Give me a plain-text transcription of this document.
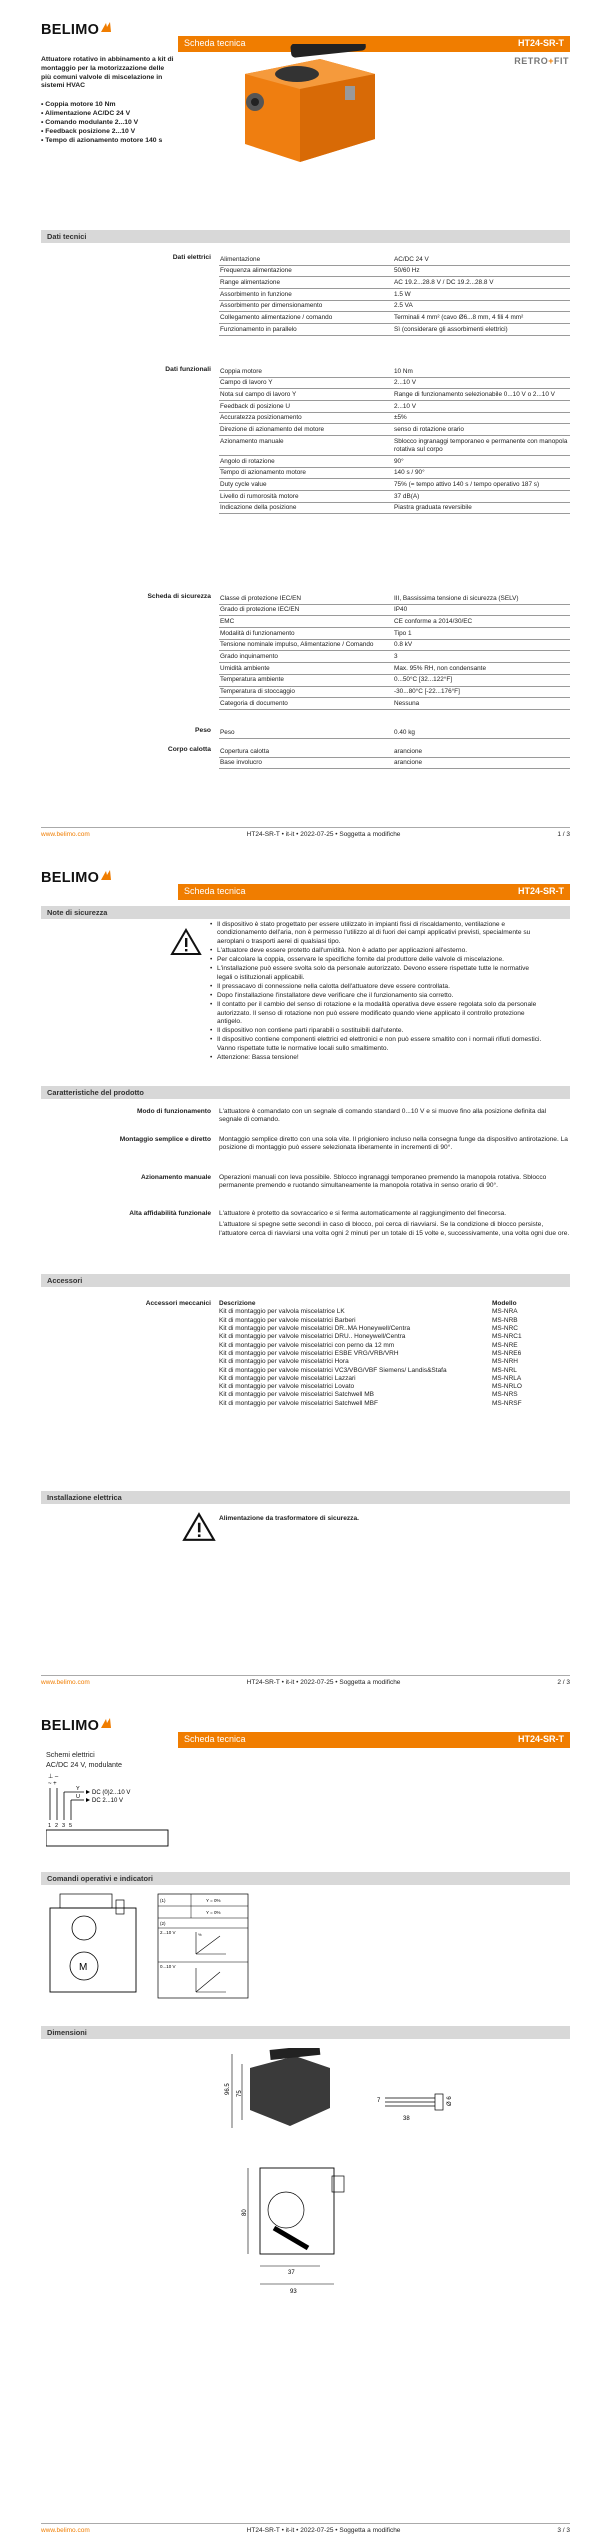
BELIMO
Scheda tecnica	HT24-SR-T
RETRO+FIT
Attuatore rotativo in abbinamento a kit di montaggio per la motorizzazione delle più comuni valvole di miscelazione in sistemi HVAC
• Coppia motore 10 Nm
• Alimentazione AC/DC 24 V
• Comando modulante 2...10 V
• Feedback posizione 2...10 V
• Tempo di azionamento motore 140 s
Dati tecnici
Dati elettrici Alimentazione	AC/DC 24 V
Frequenza alimentazione	50/60 Hz
Range alimentazione	AC 19.2...28.8 V / DC 19.2...28.8 V
Assorbimento in funzione	1.5 W
Assorbimento per dimensionamento	2.5 VA
Collegamento alimentazione / comando	Terminali 4 mm² (cavo Ø6...8 mm, 4 fili 4 mm²
Funzionamento in parallelo	Sì (considerare gli assorbimenti elettrici)
Dati funzionali Coppia motore	10 Nm
Campo di lavoro Y	2...10 V
Nota sul campo di lavoro Y	Range di funzionamento selezionabile 0...10 V o 2...10 V
Feedback di posizione U	2...10 V
Accuratezza posizionamento	±5%
Direzione di azionamento del motore	senso di rotazione orario
Azionamento manuale	Sblocco ingranaggi temporaneo e permanente con manopola rotativa sul corpo
Angolo di rotazione	90°
Tempo di azionamento motore	140 s / 90°
Duty cycle value	75% (= tempo attivo 140 s / tempo operativo 187 s)
Livello di rumorosità motore	37 dB(A)
Indicazione della posizione	Piastra graduata reversibile
Scheda di sicurezza Classe di protezione IEC/EN	III, Bassissima tensione di sicurezza (SELV)
Grado di protezione IEC/EN	IP40
EMC	CE conforme a 2014/30/EC
Modalità di funzionamento	Tipo 1
Tensione nominale impulso, Alimentazione / Comando	0.8 kV
Grado inquinamento	3
Umidità ambiente	Max. 95% RH, non condensante
Temperatura ambiente	0...50°C [32...122°F]
Temperatura di stoccaggio	-30...80°C [-22...176°F]
Categoria di documento	Nessuna
Peso Peso	0.40 kg
Corpo calotta Copertura calotta	arancione
Base involucro	arancione
www.belimo.com	HT24-SR-T • it-it • 2022-07-25 • Soggetta a modifiche	1 / 3
BELIMO
Scheda tecnica	HT24-SR-T
Note di sicurezza
• Il dispositivo è stato progettato per essere utilizzato in impianti fissi di riscaldamento, ventilazione e condizionamento dell'aria, non è permesso l'utilizzo al di fuori dei campi applicativi previsti, specialmente su aeroplani o trasporti aerei di qualsiasi tipo.
• L'attuatore deve essere protetto dall'umidità. Non è adatto per applicazioni all'esterno.
• Per calcolare la coppia, osservare le specifiche fornite dal produttore delle valvole di miscelazione.
• L'installazione può essere svolta solo da personale autorizzato. Devono essere rispettate tutte le normative legali o istituzionali applicabili.
• Il pressacavo di connessione nella calotta dell'attuatore deve essere controllata.
• Dopo l'installazione l'installatore deve verificare che il funzionamento sia corretto.
• Il contatto per il cambio del senso di rotazione e la modalità operativa deve essere regolata solo da personale autorizzato. Il senso di rotazione non può essere modificato quando viene applicato il controllo protezione antigelo.
• Il dispositivo non contiene parti riparabili o sostituibili dall'utente.
• Il dispositivo contiene componenti elettrici ed elettronici e non può essere smaltito con i normali rifiuti domestici. Vanno rispettate tutte le normative locali sullo smaltimento.
• Attenzione: Bassa tensione!
Caratteristiche del prodotto
Modo di funzionamento L'attuatore è comandato con un segnale di comando standard 0...10 V e si muove fino alla posizione definita dal segnale di comando.
Montaggio semplice e diretto Montaggio semplice diretto con una sola vite. Il prigioniero incluso nella consegna funge da dispositivo antirotazione. La posizione di montaggio può essere selezionata liberamente in incrementi di 90°.
Azionamento manuale Operazioni manuali con leva possibile. Sblocco ingranaggi temporaneo premendo la manopola rotativa. Sblocco permanente premendo e ruotando simultaneamente la manopola rotativa in senso orario di 90°.
Alta affidabilità funzionale L'attuatore è protetto da sovraccarico e si ferma automaticamente al raggiungimento del finecorsa.
L'attuatore si spegne sette secondi in caso di blocco, poi cerca di riavviarsi. Se la condizione di blocco persiste, l'attuatore cerca di riavviarsi una volta ogni 2 minuti per un totale di 15 volte e, successivamente, una volta ogni due ore.
Accessori
Accessori meccanici Descrizione	Modello
Kit di montaggio per valvola miscelatrice LK	MS-NRA
Kit di montaggio per valvole miscelatrici Barberi	MS-NRB
Kit di montaggio per valvole miscelatrici DR..MA Honeywell/Centra	MS-NRC
Kit di montaggio per valvole miscelatrici DRU.. Honeywell/Centra	MS-NRC1
Kit di montaggio per valvole miscelatrici con perno da 12 mm	MS-NRE
Kit di montaggio per valvole miscelatrici ESBE VRG/VRB/VRH	MS-NRE6
Kit di montaggio per valvole miscelatrici Hora	MS-NRH
Kit di montaggio per valvole miscelatrici VC3/VBG/VBF Siemens/ Landis&Stafa	MS-NRL
Kit di montaggio per valvole miscelatrici Lazzari	MS-NRLA
Kit di montaggio per valvole miscelatrici Lovato	MS-NRLO
Kit di montaggio per valvole miscelatrici Satchwell MB	MS-NRS
Kit di montaggio per valvole miscelatrici Satchwell MBF	MS-NRSF
Installazione elettrica
Alimentazione da trasformatore di sicurezza.
www.belimo.com	HT24-SR-T • it-it • 2022-07-25 • Soggetta a modifiche	2 / 3
BELIMO
Scheda tecnica	HT24-SR-T
Schemi elettrici
AC/DC 24 V, modulante
⊥ –
~ +
Y
U
DC (0)2...10 V
DC 2...10 V
1 2 3 5
Comandi operativi e indicatori
M
(1)
(2)
Y = 0%
Y = 0%
2...10 V
0...10 V
%
Dimensioni
96.5 75
80
37
93
7
38
Ø 6
www.belimo.com	HT24-SR-T • it-it • 2022-07-25 • Soggetta a modifiche	3 / 3
